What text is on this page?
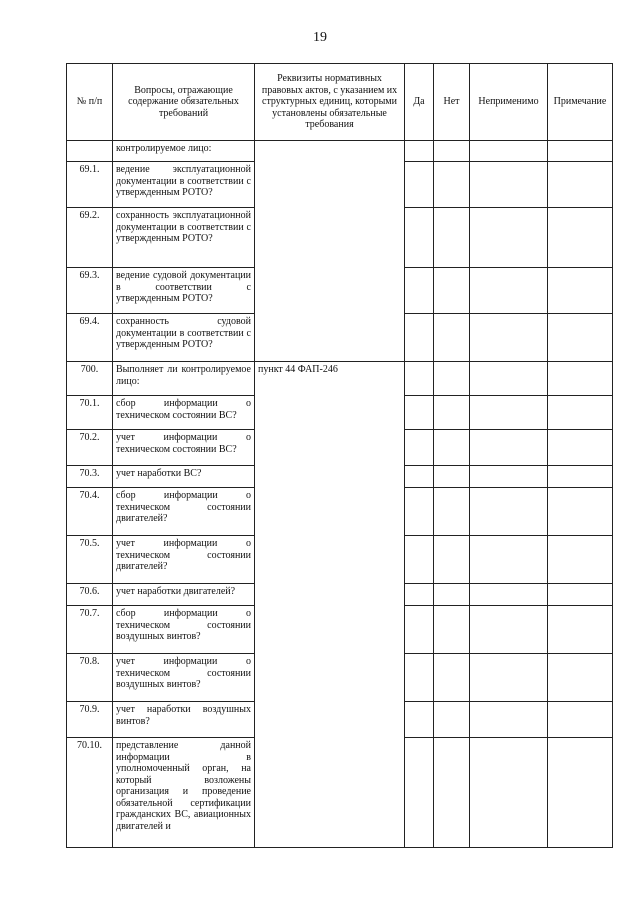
19
№ п/п	Вопросы, отражающие содержание обязательных требований	Реквизиты нормативных правовых актов, с указанием их структурных единиц, которыми установлены обязательные требования	Да	Нет	Неприменимо	Примечание
	контролируемое лицо:					
69.1.	ведение эксплуатационной документации в соответствии с утвержденным РОТО?					
69.2.	сохранность эксплуатационной документации в соответствии с утвержденным РОТО?					
69.3.	ведение судовой документации в соответствии с утвержденным РОТО?					
69.4.	сохранность судовой документации в соответствии с утвержденным РОТО?					
700.	Выполняет ли контролируемое лицо:	пункт 44 ФАП-246				
70.1.	сбор информации о техническом состоянии ВС?					
70.2.	учет информации о техническом состоянии ВС?					
70.3.	учет наработки ВС?					
70.4.	сбор информации о техническом состоянии двигателей?					
70.5.	учет информации о техническом состоянии двигателей?					
70.6.	учет наработки двигателей?					
70.7.	сбор информации о техническом состоянии воздушных винтов?					
70.8.	учет информации о техническом состоянии воздушных винтов?					
70.9.	учет наработки воздушных винтов?					
70.10.	представление данной информации в уполномоченный орган, на который возложены организация и проведение обязательной сертификации гражданских ВС, авиационных двигателей и					
